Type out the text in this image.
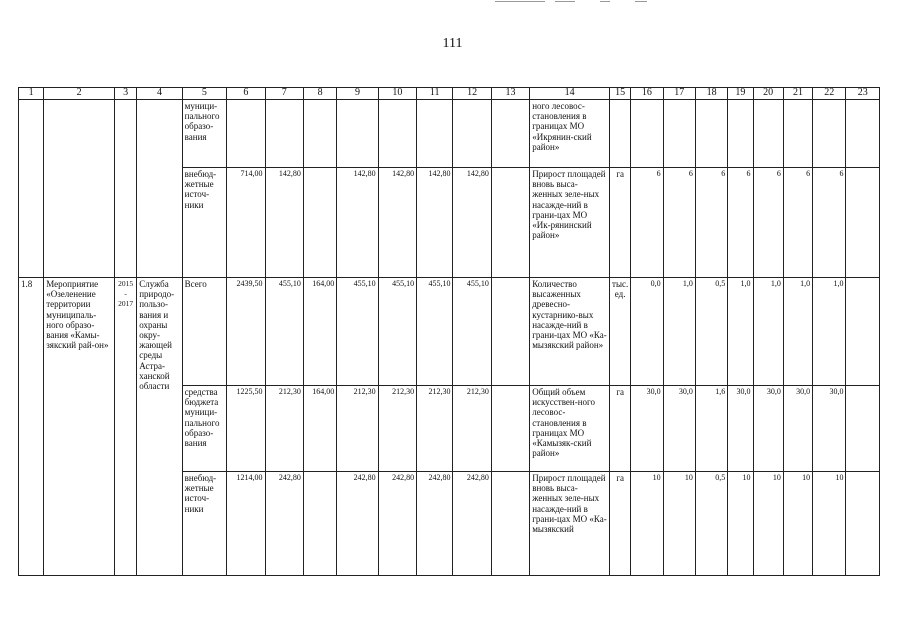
111
1	2	3	4	5	6	7	8	9	10	11	12	13	14	15	16	17	18	19	20	21	22	23
				муници-пального образо-вания									ного лесовос-становления в границах МО «Икрянин-ский район»									
				внебюд-жетные источ-ники	714,00	142,80		142,80	142,80	142,80	142,80		Прирост площадей вновь выса-женных зеле-ных насажде-ний в грани-цах МО «Ик-рянинский район»	га	6	6	6	6	6	6	6	
1.8	Мероприятие «Озеленение территории муниципаль-ного образо-вания «Камы-зякский рай-он»	2015 - 2017	Служба природо-пользо-вания и охраны окру-жающей среды Астра-ханской области	Всего	2439,50	455,10	164,00	455,10	455,10	455,10	455,10		Количество высаженных древесно-кустарнико-вых насажде-ний в грани-цах МО «Ка-мызякский район»	тыс. ед.	0,0	1,0	0,5	1,0	1,0	1,0	1,0	
				средства бюджета муници-пального образо-вания	1225,50	212,30	164,00	212,30	212,30	212,30	212,30		Общий объем искусствен-ного лесовос-становления в границах МО «Камызяк-ский район»	га	30,0	30,0	1,6	30,0	30,0	30,0	30,0	
				внебюд-жетные источ-ники	1214,00	242,80		242,80	242,80	242,80	242,80		Прирост площадей вновь выса-женных зеле-ных насажде-ний в грани-цах МО «Ка-мызякский	га	10	10	0,5	10	10	10	10	
